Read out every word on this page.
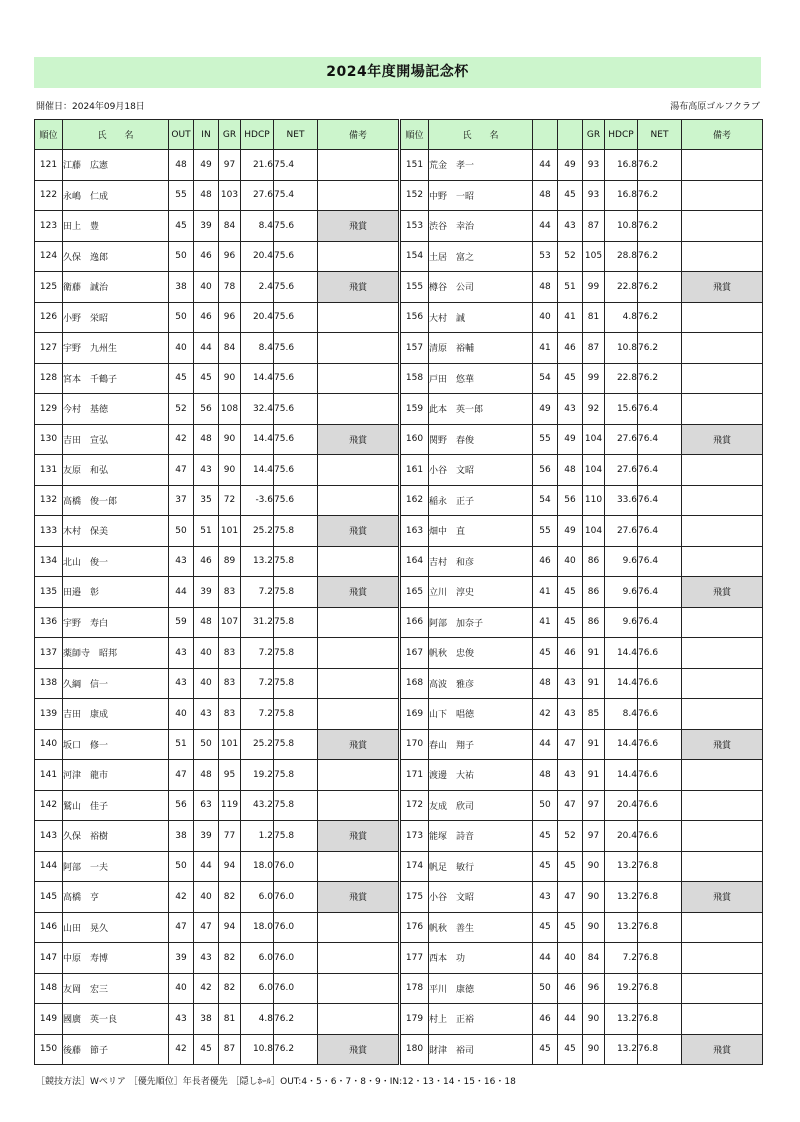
2024年度開場記念杯
開催日：2024年09月18日	湯布高原ゴルフクラブ
順位	氏　　名	OUT	IN	GR	HDCP	NET	備考
121	江藤　広憲	48	49	97	21.6	75.4	
122	永嶋　仁成	55	48	103	27.6	75.4	
123	田上　豊	45	39	84	8.4	75.6	飛賞
124	久保　逸郎	50	46	96	20.4	75.6	
125	衛藤　誠治	38	40	78	2.4	75.6	飛賞
126	小野　栄昭	50	46	96	20.4	75.6	
127	宇野　九州生	40	44	84	8.4	75.6	
128	宮本　千鶴子	45	45	90	14.4	75.6	
129	今村　基徳	52	56	108	32.4	75.6	
130	吉田　宣弘	42	48	90	14.4	75.6	飛賞
131	友原　和弘	47	43	90	14.4	75.6	
132	高橋　俊一郎	37	35	72	-3.6	75.6	
133	木村　保美	50	51	101	25.2	75.8	飛賞
134	北山　俊一	43	46	89	13.2	75.8	
135	田邉　彰	44	39	83	7.2	75.8	飛賞
136	宇野　寿白	59	48	107	31.2	75.8	
137	薬師寺　昭邦	43	40	83	7.2	75.8	
138	久綱　信一	43	40	83	7.2	75.8	
139	吉田　康成	40	43	83	7.2	75.8	
140	坂口　修一	51	50	101	25.2	75.8	飛賞
141	河津　龍市	47	48	95	19.2	75.8	
142	鷲山　佳子	56	63	119	43.2	75.8	
143	久保　裕樹	38	39	77	1.2	75.8	飛賞
144	阿部　一夫	50	44	94	18.0	76.0	
145	高橋　亨	42	40	82	6.0	76.0	飛賞
146	山田　晃久	47	47	94	18.0	76.0	
147	中原　寿博	39	43	82	6.0	76.0	
148	友岡　宏三	40	42	82	6.0	76.0	
149	國廣　英一良	43	38	81	4.8	76.2	
150	後藤　節子	42	45	87	10.8	76.2	飛賞
順位	氏　　名			GR	HDCP	NET	備考
151	荒金　孝一	44	49	93	16.8	76.2	
152	中野　一昭	48	45	93	16.8	76.2	
153	渋谷　幸治	44	43	87	10.8	76.2	
154	土居　富之	53	52	105	28.8	76.2	
155	樽谷　公司	48	51	99	22.8	76.2	飛賞
156	大村　誠	40	41	81	4.8	76.2	
157	清原　裕輔	41	46	87	10.8	76.2	
158	戸田　悠華	54	45	99	22.8	76.2	
159	此本　英一郎	49	43	92	15.6	76.4	
160	関野　春俊	55	49	104	27.6	76.4	飛賞
161	小谷　文昭	56	48	104	27.6	76.4	
162	稲永　正子	54	56	110	33.6	76.4	
163	畑中　直	55	49	104	27.6	76.4	
164	吉村　和彦	46	40	86	9.6	76.4	
165	立川　淳史	41	45	86	9.6	76.4	飛賞
166	阿部　加奈子	41	45	86	9.6	76.4	
167	帆秋　忠俊	45	46	91	14.4	76.6	
168	高波　雅彦	48	43	91	14.4	76.6	
169	山下　唱徳	42	43	85	8.4	76.6	
170	春山　翔子	44	47	91	14.4	76.6	飛賞
171	渡邊　大祐	48	43	91	14.4	76.6	
172	友成　欣司	50	47	97	20.4	76.6	
173	能塚　詩音	45	52	97	20.4	76.6	
174	帆足　敏行	45	45	90	13.2	76.8	
175	小谷　文昭	43	47	90	13.2	76.8	飛賞
176	帆秋　善生	45	45	90	13.2	76.8	
177	西本　功	44	40	84	7.2	76.8	
178	平川　康徳	50	46	96	19.2	76.8	
179	村上　正裕	46	44	90	13.2	76.8	
180	財津　裕司	45	45	90	13.2	76.8	飛賞
［競技方法］Wペリア ［優先順位］年長者優先 ［隠しﾎｰﾙ］OUT:4・5・6・7・8・9・IN:12・13・14・15・16・18
